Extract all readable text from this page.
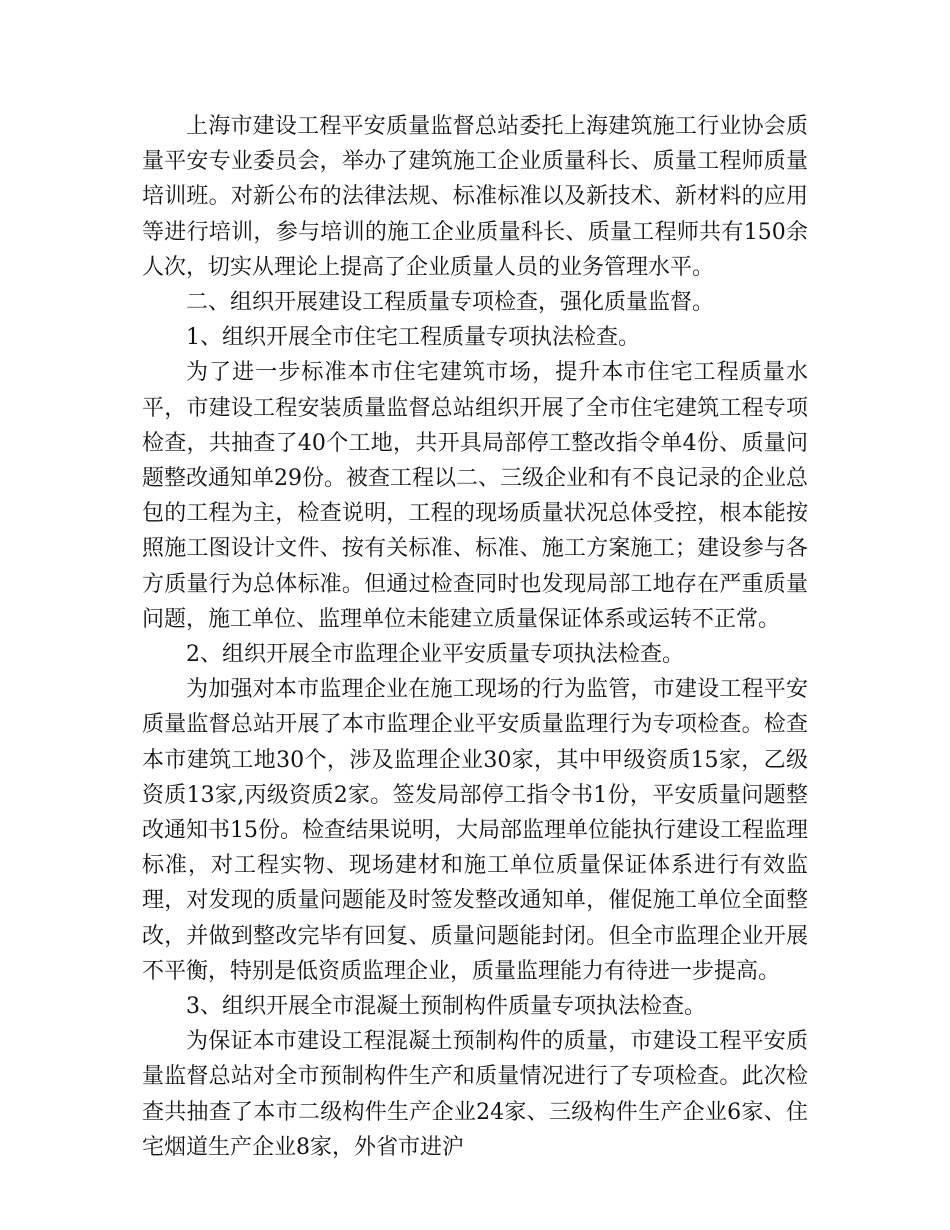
上海市建设工程平安质量监督总站委托上海建筑施工行业协会质量平安专业委员会，举办了建筑施工企业质量科长、质量工程师质量培训班。对新公布的法律法规、标准标准以及新技术、新材料的应用等进行培训，参与培训的施工企业质量科长、质量工程师共有150余人次，切实从理论上提高了企业质量人员的业务管理水平。

二、组织开展建设工程质量专项检查，强化质量监督。

1、组织开展全市住宅工程质量专项执法检查。

为了进一步标准本市住宅建筑市场，提升本市住宅工程质量水平，市建设工程安装质量监督总站组织开展了全市住宅建筑工程专项检查，共抽查了40个工地，共开具局部停工整改指令单4份、质量问题整改通知单29份。被查工程以二、三级企业和有不良记录的企业总包的工程为主，检查说明，工程的现场质量状况总体受控，根本能按照施工图设计文件、按有关标准、标准、施工方案施工；建设参与各方质量行为总体标准。但通过检查同时也发现局部工地存在严重质量问题，施工单位、监理单位未能建立质量保证体系或运转不正常。

2、组织开展全市监理企业平安质量专项执法检查。

为加强对本市监理企业在施工现场的行为监管，市建设工程平安质量监督总站开展了本市监理企业平安质量监理行为专项检查。检查本市建筑工地30个，涉及监理企业30家，其中甲级资质15家，乙级资质13家,丙级资质2家。签发局部停工指令书1份，平安质量问题整改通知书15份。检查结果说明，大局部监理单位能执行建设工程监理标准，对工程实物、现场建材和施工单位质量保证体系进行有效监理，对发现的质量问题能及时签发整改通知单，催促施工单位全面整改，并做到整改完毕有回复、质量问题能封闭。但全市监理企业开展不平衡，特别是低资质监理企业，质量监理能力有待进一步提高。

3、组织开展全市混凝土预制构件质量专项执法检查。

为保证本市建设工程混凝土预制构件的质量，市建设工程平安质量监督总站对全市预制构件生产和质量情况进行了专项检查。此次检查共抽查了本市二级构件生产企业24家、三级构件生产企业6家、住宅烟道生产企业8家，外省市进沪
